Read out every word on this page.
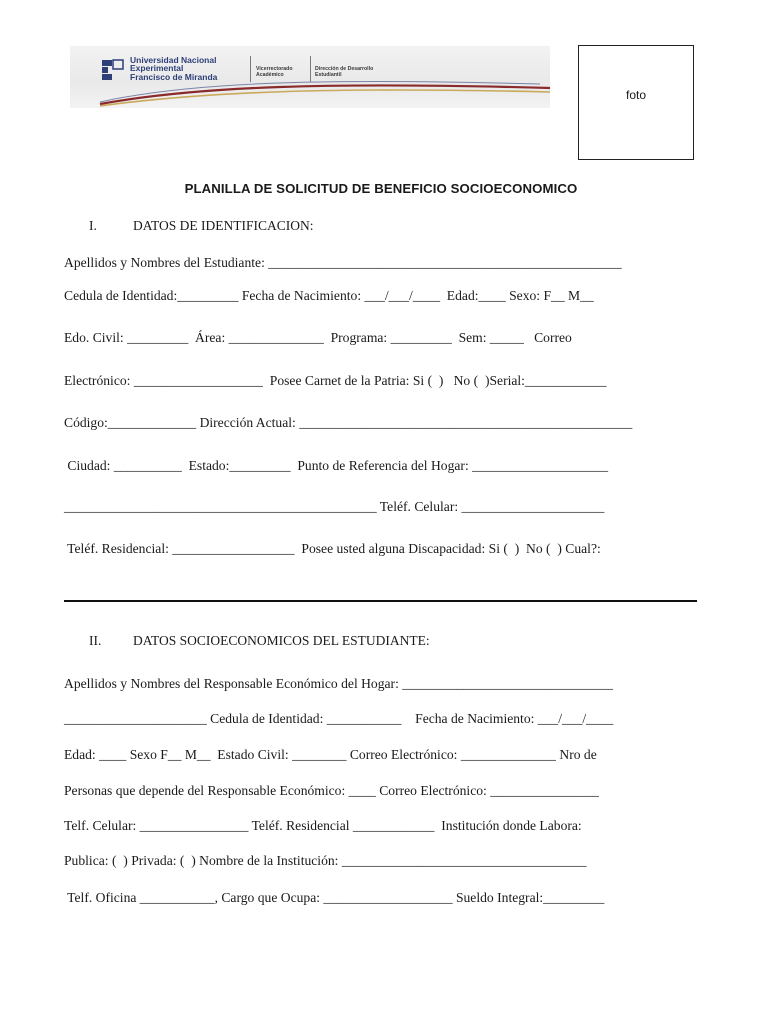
Universidad Nacional
Experimental
Francisco de Miranda
Vicerrectorado
Académico
Dirección de Desarrollo
Estudiantil
foto
PLANILLA DE SOLICITUD DE BENEFICIO SOCIOECONOMICO
I.	DATOS DE IDENTIFICACION:
Apellidos y Nombres del Estudiante: ____________________________________________________
Cedula de Identidad:_________ Fecha de Nacimiento: ___/___/____  Edad:____ Sexo: F__ M__
Edo. Civil: _________  Área: ______________  Programa: _________  Sem: _____   Correo
Electrónico: ___________________  Posee Carnet de la Patria: Si (  )   No (  )Serial:____________
Código:_____________ Dirección Actual: _________________________________________________
Ciudad: __________  Estado:_________  Punto de Referencia del Hogar: ____________________
______________________________________________ Teléf. Celular: _____________________
Teléf. Residencial: __________________  Posee usted alguna Discapacidad: Si (  )  No (  ) Cual?:
II. DATOS SOCIOECONOMICOS DEL ESTUDIANTE:
Apellidos y Nombres del Responsable Económico del Hogar: _______________________________
_____________________ Cedula de Identidad: ___________    Fecha de Nacimiento: ___/___/____
Edad: ____ Sexo F__ M__  Estado Civil: ________ Correo Electrónico: ______________ Nro de
Personas que depende del Responsable Económico: ____ Correo Electrónico: ________________
Telf. Celular: ________________ Teléf. Residencial ____________  Institución donde Labora:
Publica: (  ) Privada: (  ) Nombre de la Institución: ____________________________________
Telf. Oficina ___________, Cargo que Ocupa: ___________________ Sueldo Integral:_________
